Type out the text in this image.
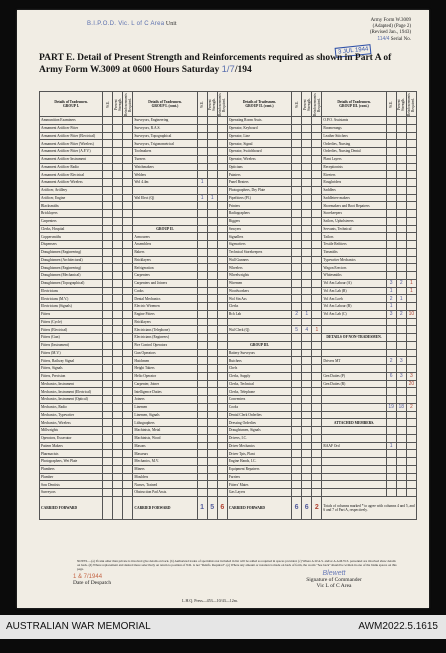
B.I.P.O.D. Vic. L of C Area Unit
Army Form W.3009
(Adapted) (Page 2)
(Revised Jan., 1943)
114/4 Serial No.
3 JUL 1944
PART E. Detail of Present Strength and Reinforcements required as shown in Part A of Army Form W.3009 at 0600 Hours Saturday 1/7/194
Details of Tradesmen.
GROUP I.	W.E.	Present Strength.	Reinforcements Required.	Details of Tradesmen.
GROUP I. (cont.)	W.E.	Present Strength.	Reinforcements Required.	Details of Tradesmen.
GROUP II. (cont.)	W.E.	Present Strength.	Reinforcements Required.	Details of Tradesmen.
GROUP III. (cont.)	W.E.	Present Strength.	Reinforcements Required.
Ammunition Examiners				Surveyors, Engineering				Operating Room Assts.				O.P.O. Assistants			
Armament Artificer Fitter				Surveyors, R.A.S.				Operator, Keyboard				Boomerangs			
Armament Artificer Fitter (Electrical)				Surveyors, Topographical				Operator, Line				Leather Stitchers			
Armament Artificer Fitter (Wireless)				Surveyors, Trigonometrical				Operator, Signal				Orderlies, Nursing			
Armament Artificer Fitter (A.F.V.)				Toolmakers				Operator, Switchboard				Orderlies, Nursing Dental			
Armament Artificer Instrument				Turners				Operator, Wireless				Plant Layers			
Armament Artificer Radio				Watchmakers				Opticians				Receptionists			
Armament Artificer Electrical				Welders				Painters				Riveters			
Armament Artificer Wireless				Wol 4.4m	1			Panel Beaters				Roughriders			
Artificer, Artillery								Photographers, Dry Plate				Saddlers			
Artificer, Engine				Wal Elect (Q)	1	1		Pipefitters (Pl.)				Saddletree makers			
Blacksmiths								Printers				Shoemakers and Boot Repairers			
Bricklayers								Radiographers				Storekeepers			
Carpenters								Riggers				Sailors, Upholsterers			
Clerks, Hospital				GROUP II.				Sawyers				Servants, Technical			
Coppersmiths				Armourers				Signallers				Tailors			
Dispensers				Assemblers				Signwriters				Textile Refitters			
Draughtsmen (Engineering)				Bakers				Technical Storekeepers				Tinsmiths			
Draughtsmen (Architectural)				Bricklayers				Wall Gunners				Typewriter Mechanics			
Draughtsmen (Engineering)				Refrigeration				Wheelers				Wagon Erectors			
Draughtsmen (Mechanical)				Carpenters				Wheelwrights				Whitesmiths			
Draughtsmen (Topographical)				Carpenters and Joiners				Wiremen				Vol Am Labour (A)	3	2	1
Electricians				Cooks				Woodworkers				Vol Am Lab (R)	1		1
Electricians (M.V.)				Dental Mechanics				Wol Stn Ass				Vol Am Loeh	2	1	
Electricians (Signals)				Electric Wiremen				Clerks				Vol Am Labour (B)	1		
Fitters				Engine Fitters				Bch Lab	2	1		Vol Am Lab (C)	3	2	10
Fitters (Cycle)				Bricklayers											
Fitters (Electrical)				Electricians (Telephone)				Wal Clerk (Q)	5	4	1				
Fitters (Gun)				Electricians (Engineers)								DETAILS OF NON-TRADESMEN.			
Fitters (Instrument)				Fire Control Operators				GROUP III.							
Fitters (M.V.)				Gun Operators				Battery Surveyors							
Fitters, Railway Signal				Hatchmen				Butchers				Drivers MT	2	3	
Fitters, Signals				Height Takers				Chefs							
Fitters, Precision				Helio Operator				Clerks, Supply				Gen Duties (P)	6	3	3
Mechanics, Instrument				Carpenter, Joiner				Clerks, Technical				Gen Duties (R)			20
Mechanics, Instrument (Electrical)				Intelligence Duties				Clerks, Telephone							
Mechanics, Instrument (Optical)				Joiners				Conveniers							
Mechanics, Radio				Linemen				Cooks					19	18	2
Mechanics, Typewriter				Linemen, Signals				Dental Clerk Orderlies							
Mechanics, Wireless				Lithographers				Dressing Orderlies				ATTACHED MEMBERS.			
Millwrights				Machinists, Metal				Draughtsmen, Signals							
Operators, Excavator				Machinists, Wood				Drivers, I.C.							
Pattern Makers				Masons				Driver Mechanics				RAAF Ord	1		
Pharmacists				Masseurs				Driver Tpts, Plant							
Photographers, Wet Plate				Mechanics, M.V.				Engine Hands, I.C.							
Plumbers				Miners				Equipment Repairers							
Plumber				Moulders				Farriers							
Saw Dentists				Nurses, Trained				Fitters' Mates							
Surveyors				Obstruction Pad Assts.				Gas Layers							
CARRIED FORWARD				CARRIED FORWARD	1	5	6	CARRIED FORWARD	6	6	2	Totals of columns marked * to agree with columns 4 and 5, and 6 and 7 of Part A, respectively.			
NOTES.—(a) If rank other than private is involved give details on back. (b) Authorized trades of specialists not included in list will be added as required in spaces provided. (c) Where A.W.A.S. and/or A.A.M.W.S. personnel are involved show details on back. (d) Where replacement and desired more selectively on return to position of N.R. is not "Reinfs. Required". (e) Where any amount or notation is made on back of form, the words "See back" should be written in one of the blank spaces on this page.
1 & 7/1944
Date of Despatch
L.H.Q. Press—453—10/43—12m.
Blewett
Signature of Commander
Vic L of C Area
AUSTRALIAN WAR MEMORIAL	AWM2022.5.1615
